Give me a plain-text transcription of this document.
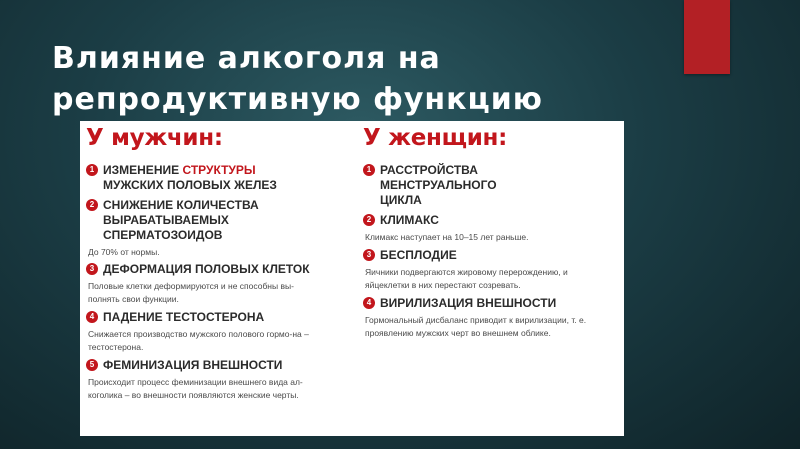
Влияние алкоголя на
репродуктивную функцию
У мужчин:
1 ИЗМЕНЕНИЕ СТРУКТУРЫ
МУЖСКИХ ПОЛОВЫХ ЖЕЛЕЗ
2 СНИЖЕНИЕ КОЛИЧЕСТВА ВЫРАБАТЫВАЕМЫХ СПЕРМАТОЗОИДОВ
До 70% от нормы.
3 ДЕФОРМАЦИЯ ПОЛОВЫХ КЛЕТОК
Половые клетки деформируются и не способны вы-полнять свои функции.
4 ПАДЕНИЕ ТЕСТОСТЕРОНА
Снижается производство мужского полового гормо-на – тестостерона.
5 ФЕМИНИЗАЦИЯ ВНЕШНОСТИ
Происходит процесс феминизации внешнего вида ал-коголика – во внешности появляются женские черты.
У женщин:
1 РАССТРОЙСТВА МЕНСТРУАЛЬНОГО ЦИКЛА
2 КЛИМАКС
Климакс наступает на 10–15 лет раньше.
3 БЕСПЛОДИЕ
Яичники подвергаются жировому перерождению, и яйцеклетки в них перестают созревать.
4 ВИРИЛИЗАЦИЯ ВНЕШНОСТИ
Гормональный дисбаланс приводит к вирилизации, т. е. проявлению мужских черт во внешнем облике.
